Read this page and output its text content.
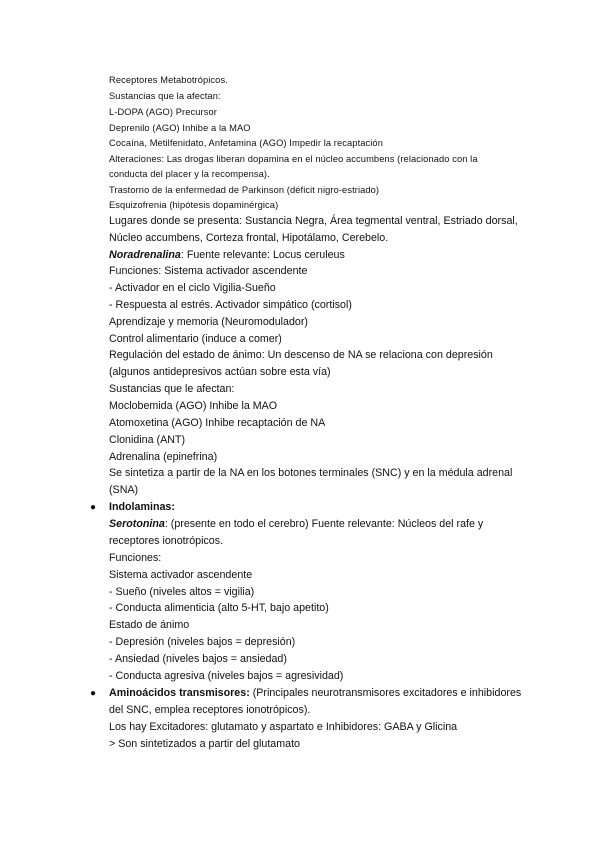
Receptores Metabotrópicos.
Sustancias que la afectan:
L-DOPA (AGO) Precursor
Deprenilo (AGO) Inhibe a la MAO
Cocaína, Metilfenidato, Anfetamina (AGO) Impedir la recaptación
Alteraciones: Las drogas liberan dopamina en el núcleo accumbens (relacionado con la
conducta del placer y la recompensa).
Trastorno de la enfermedad de Parkinson (déficit nigro-estriado)
Esquizofrenia (hipótesis dopaminérgica)
Lugares donde se presenta: Sustancia Negra, Área tegmental ventral, Estriado dorsal,
Núcleo accumbens, Corteza frontal, Hipotálamo, Cerebelo.
Noradrenalina: Fuente relevante: Locus ceruleus
Funciones: Sistema activador ascendente
- Activador en el ciclo Vigilia-Sueño
- Respuesta al estrés. Activador simpático (cortisol)
Aprendizaje y memoria (Neuromodulador)
Control alimentario (induce a comer)
Regulación del estado de ánimo: Un descenso de NA se relaciona con depresión
(algunos antidepresivos actúan sobre esta vía)
Sustancias que le afectan:
Moclobemida (AGO) Inhibe la MAO
Atomoxetina (AGO) Inhibe recaptación de NA
Clonidina (ANT)
Adrenalina (epinefrina)
Se sintetiza a partir de la NA en los botones terminales (SNC) y en la médula adrenal
(SNA)
● Indolaminas:
Serotonina: (presente en todo el cerebro) Fuente relevante: Núcleos del rafe y
receptores ionotrópicos.
Funciones:
Sistema activador ascendente
- Sueño (niveles altos = vigilia)
- Conducta alimenticia (alto 5-HT, bajo apetito)
Estado de ánimo
- Depresión (niveles bajos = depresión)
- Ansiedad (niveles bajos = ansiedad)
- Conducta agresiva (niveles bajos = agresividad)
● Aminoácidos transmisores: (Principales neurotransmisores excitadores e inhibidores
del SNC, emplea receptores ionotrópicos).
Los hay Excitadores: glutamato y aspartato e Inhibidores: GABA y Glicina
> Son sintetizados a partir del glutamato
